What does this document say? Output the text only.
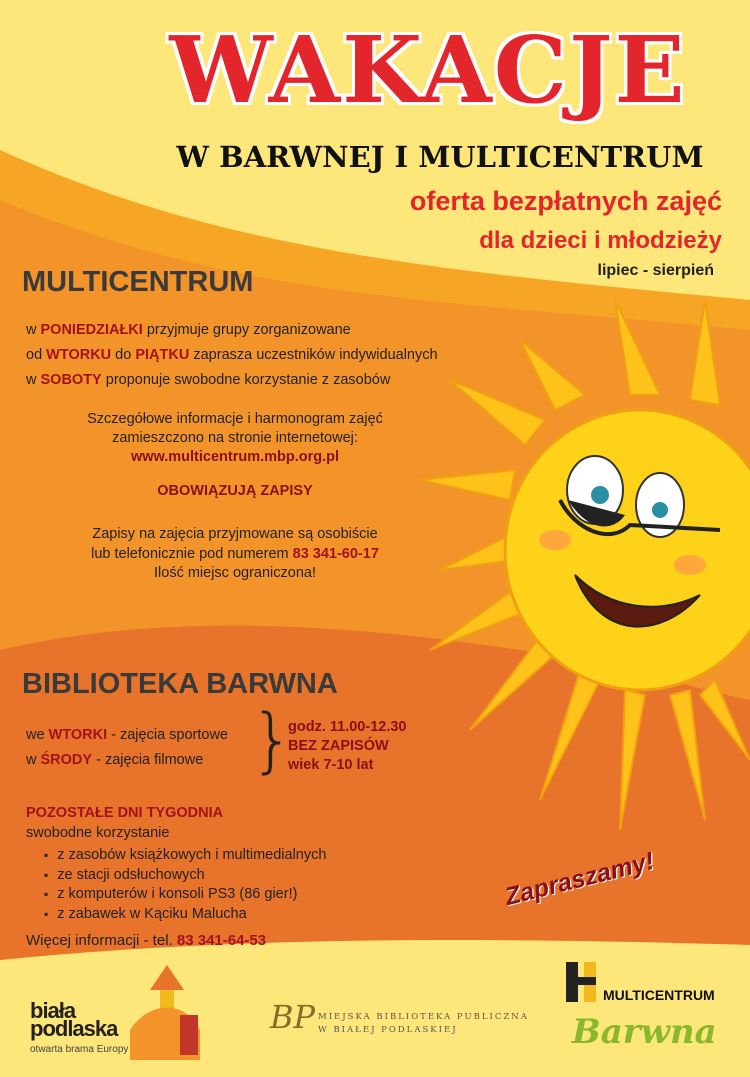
WAKACJE
W BARWNEJ I MULTICENTRUM
oferta bezpłatnych zajęć
dla dzieci i młodzieży
lipiec - sierpień
MULTICENTRUM
w PONIEDZIAŁKI przyjmuje grupy zorganizowane
od WTORKU do PIĄTKU zaprasza uczestników indywidualnych
w SOBOTY proponuje swobodne korzystanie z zasobów
Szczegółowe informacje i harmonogram zajęć
zamieszczono na stronie internetowej:
www.multicentrum.mbp.org.pl
OBOWIĄZUJĄ ZAPISY
Zapisy na zajęcia przyjmowane są osobiście
lub telefonicznie pod numerem 83 341-60-17
Ilość miejsc ograniczona!
BIBLIOTEKA BARWNA
we WTORKI - zajęcia sportowe
w ŚRODY - zajęcia filmowe }
godz. 11.00-12.30
BEZ ZAPISÓW
wiek 7-10 lat
POZOSTAŁE DNI TYGODNIA
swobodne korzystanie
▪ z zasobów książkowych i multimedialnych
▪ ze stacji odsłuchowych
▪ z komputerów i konsoli PS3 (86 gier!)
▪ z zabawek w Kąciku Malucha
Więcej informacji - tel. 83 341-64-53
Zapraszamy!
biała
podlaska
otwarta brama Europy
BP MIEJSKA BIBLIOTEKA PUBLICZNA
W BIAŁEJ PODLASKIEJ
MULTICENTRUM
Barwna
